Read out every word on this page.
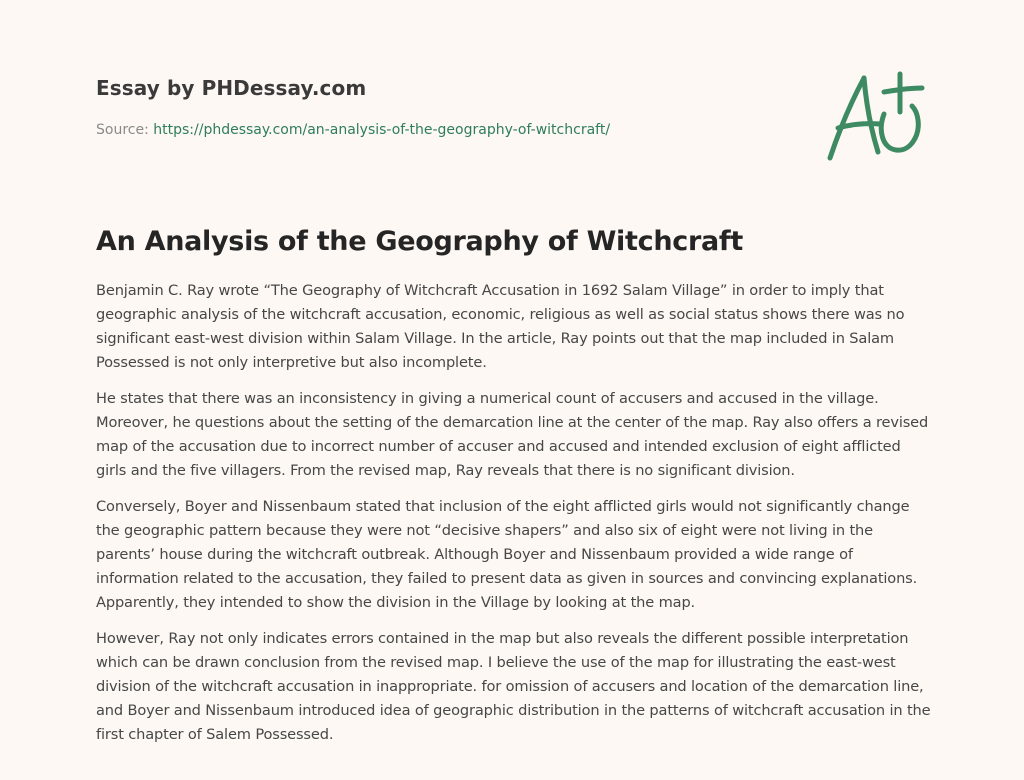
Essay by PHDessay.com
Source: https://phdessay.com/an-analysis-of-the-geography-of-witchcraft/
An Analysis of the Geography of Witchcraft

Benjamin C. Ray wrote “The Geography of Witchcraft Accusation in 1692 Salam Village” in order to imply that geographic analysis of the witchcraft accusation, economic, religious as well as social status shows there was no significant east-west division within Salam Village. In the article, Ray points out that the map included in Salam Possessed is not only interpretive but also incomplete.

He states that there was an inconsistency in giving a numerical count of accusers and accused in the village. Moreover, he questions about the setting of the demarcation line at the center of the map. Ray also offers a revised map of the accusation due to incorrect number of accuser and accused and intended exclusion of eight afflicted girls and the five villagers. From the revised map, Ray reveals that there is no significant division.

Conversely, Boyer and Nissenbaum stated that inclusion of the eight afflicted girls would not significantly change the geographic pattern because they were not “decisive shapers” and also six of eight were not living in the parents’ house during the witchcraft outbreak. Although Boyer and Nissenbaum provided a wide range of information related to the accusation, they failed to present data as given in sources and convincing explanations. Apparently, they intended to show the division in the Village by looking at the map.

However, Ray not only indicates errors contained in the map but also reveals the different possible interpretation which can be drawn conclusion from the revised map. I believe the use of the map for illustrating the east-west division of the witchcraft accusation in inappropriate. for omission of accusers and location of the demarcation line, and Boyer and Nissenbaum introduced idea of geographic distribution in the patterns of witchcraft accusation in the first chapter of Salem Possessed.
